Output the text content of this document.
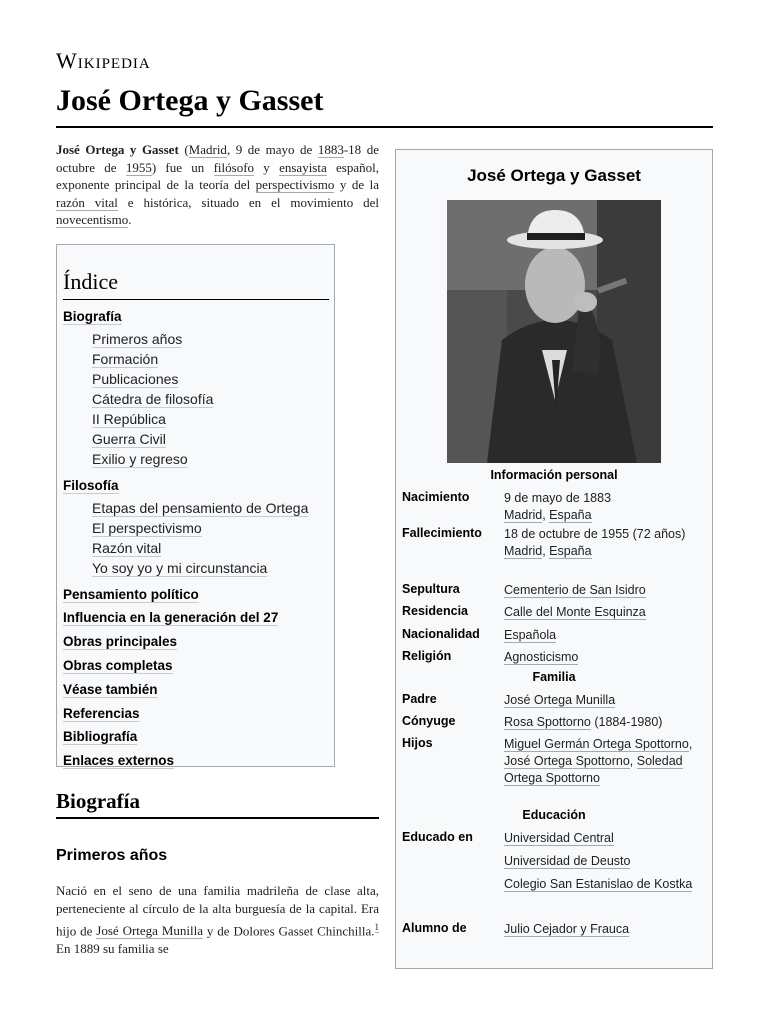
Wikipedia
José Ortega y Gasset
José Ortega y Gasset (Madrid, 9 de mayo de 1883-18 de octubre de 1955) fue un filósofo y ensayista español, exponente principal de la teoría del perspectivismo y de la razón vital e histórica, situado en el movimiento del novecentismo.
Índice
Biografía
Primeros años
Formación
Publicaciones
Cátedra de filosofía
II República
Guerra Civil
Exilio y regreso
Filosofía
Etapas del pensamiento de Ortega
El perspectivismo
Razón vital
Yo soy yo y mi circunstancia
Pensamiento político
Influencia en la generación del 27
Obras principales
Obras completas
Véase también
Referencias
Bibliografía
Enlaces externos
Biografía
Primeros años
Nació en el seno de una familia madrileña de clase alta, perteneciente al círculo de la alta burguesía de la capital. Era hijo de José Ortega Munilla y de Dolores Gasset Chinchilla.$^1$ En 1889 su familia se
José Ortega y Gasset
Información personal
Nacimiento	9 de mayo de 1883
Madrid, España
Fallecimiento 18 de octubre de 1955 (72 años)
Madrid, España
Sepultura	Cementerio de San Isidro
Residencia	Calle del Monte Esquinza
Nacionalidad Española
Religión	Agnosticismo
Familia
Padre	José Ortega Munilla
Cónyuge	Rosa Spottorno (1884-1980)
Hijos	Miguel Germán Ortega Spottorno, José Ortega Spottorno, Soledad Ortega Spottorno
Educación
Educado en Universidad Central
Universidad de Deusto
Colegio San Estanislao de Kostka
Alumno de	Julio Cejador y Frauca
